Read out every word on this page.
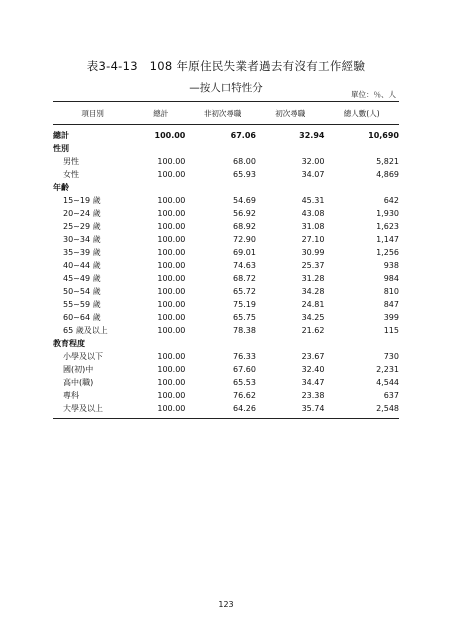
表3-4-13　108 年原住民失業者過去有沒有工作經驗
—按人口特性分
單位：％、人
項目別	總計	非初次尋職	初次尋職	總人數(人)
總計	100.00	67.06	32.94	10,690
性別				
男性	100.00	68.00	32.00	5,821
女性	100.00	65.93	34.07	4,869
年齡				
15~19 歲	100.00	54.69	45.31	642
20~24 歲	100.00	56.92	43.08	1,930
25~29 歲	100.00	68.92	31.08	1,623
30~34 歲	100.00	72.90	27.10	1,147
35~39 歲	100.00	69.01	30.99	1,256
40~44 歲	100.00	74.63	25.37	938
45~49 歲	100.00	68.72	31.28	984
50~54 歲	100.00	65.72	34.28	810
55~59 歲	100.00	75.19	24.81	847
60~64 歲	100.00	65.75	34.25	399
65 歲及以上	100.00	78.38	21.62	115
教育程度				
小學及以下	100.00	76.33	23.67	730
國(初)中	100.00	67.60	32.40	2,231
高中(職)	100.00	65.53	34.47	4,544
專科	100.00	76.62	23.38	637
大學及以上	100.00	64.26	35.74	2,548
123
